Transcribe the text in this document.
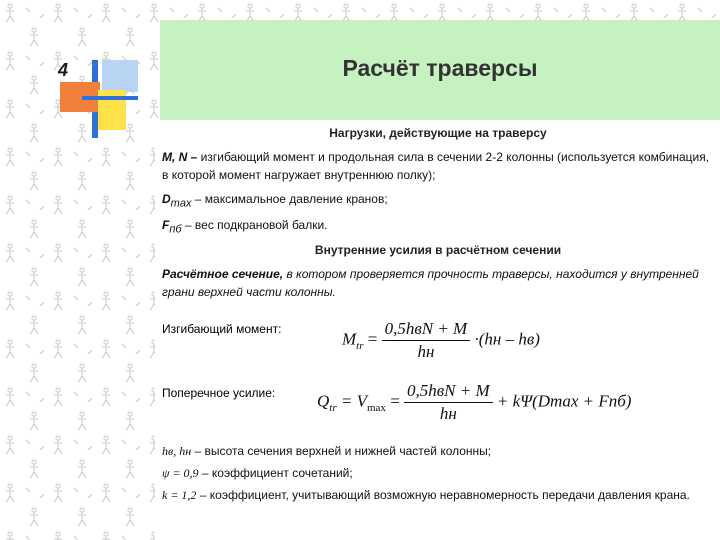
4	Расчёт траверсы
Нагрузки, действующие на траверсу
M, N – изгибающий момент и продольная сила в сечении 2-2 колонны (используется комбинация, в которой момент нагружает внутреннюю полку);
$D_{max}$ – максимальное давление кранов;
$F_{пб}$ – вес подкрановой балки.
Внутренние усилия в расчётном сечении
Расчётное сечение, в котором проверяется прочность траверсы, находится у внутренней грани верхней части колонны.
Изгибающий момент:
$M_{tr} = \frac{\text{0,5hвN + M}}{hн} \cdot(hн - hв)$
Поперечное усилие: $Q_{tr} = V_{max} = \frac{\text{0,5hвN + M}}{hн} + k\Psi(Dmax + Fпб)$
hв, hн – высота сечения верхней и нижней частей колонны;
ψ = 0,9 – коэффициент сочетаний;
k = 1,2 – коэффициент, учитывающий возможную неравномерность передачи давления крана.
